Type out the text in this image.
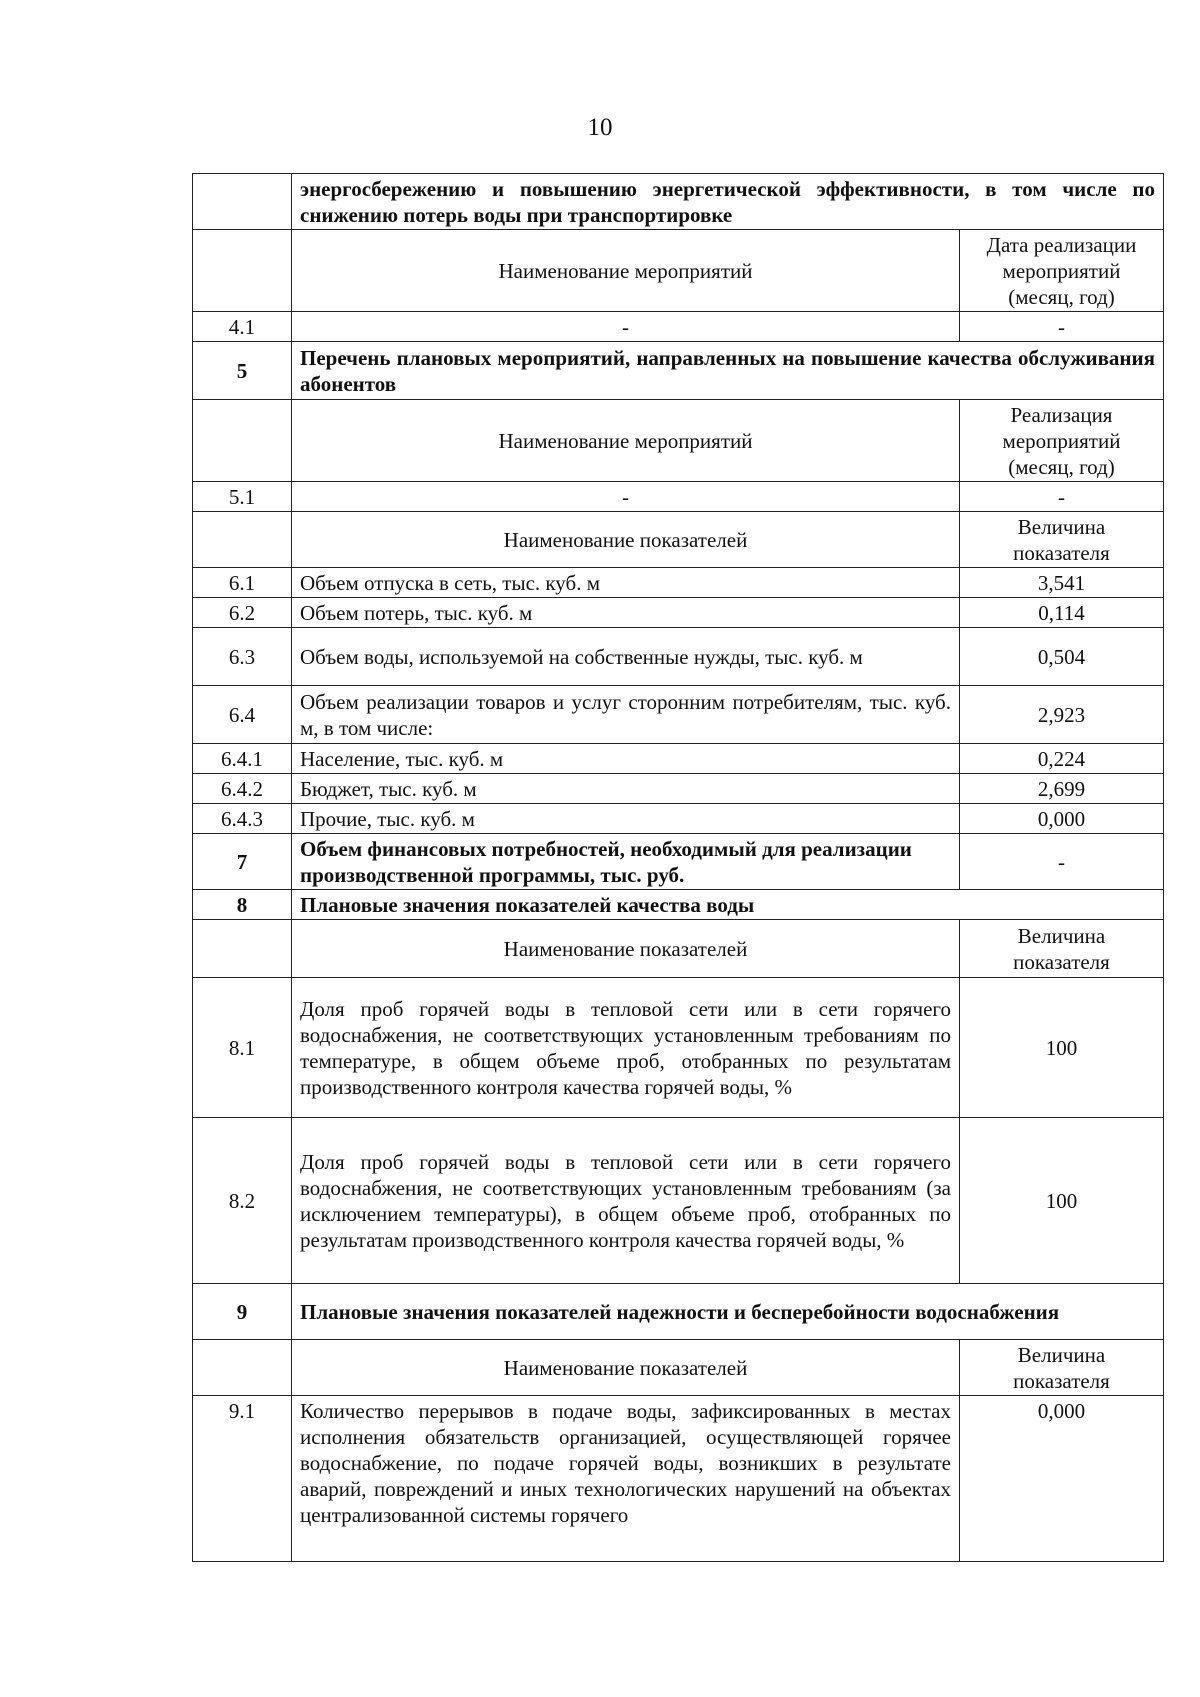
10
	энергосбережению и повышению энергетической эффективности, в том числе по снижению потерь воды при транспортировке	
	Наименование мероприятий	Дата реализации мероприятий (месяц, год)
4.1	-	-
5	Перечень плановых мероприятий, направленных на повышение качества обслуживания абонентов	
	Наименование мероприятий	Реализация мероприятий (месяц, год)
5.1	-	-
	Наименование показателей	Величина показателя
6.1	Объем отпуска в сеть, тыс. куб. м	3,541
6.2	Объем потерь, тыс. куб. м	0,114
6.3	Объем воды, используемой на собственные нужды, тыс. куб. м	0,504
6.4	Объем реализации товаров и услуг сторонним потребителям, тыс. куб. м, в том числе:	2,923
6.4.1	Население, тыс. куб. м	0,224
6.4.2	Бюджет, тыс. куб. м	2,699
6.4.3	Прочие, тыс. куб. м	0,000
7	Объем финансовых потребностей, необходимый для реализации производственной программы, тыс. руб.	-
8	Плановые значения показателей качества воды	
	Наименование показателей	Величина показателя
8.1	Доля проб горячей воды в тепловой сети или в сети горячего водоснабжения, не соответствующих установленным требованиям по температуре, в общем объеме проб, отобранных по результатам производственного контроля качества горячей воды, %	100
8.2	Доля проб горячей воды в тепловой сети или в сети горячего водоснабжения, не соответствующих установленным требованиям (за исключением температуры), в общем объеме проб, отобранных по результатам производственного контроля качества горячей воды, %	100
9	Плановые значения показателей надежности и бесперебойности водоснабжения	
	Наименование показателей	Величина показателя
9.1	Количество перерывов в подаче воды, зафиксированных в местах исполнения обязательств организацией, осуществляющей горячее водоснабжение, по подаче горячей воды, возникших в результате аварий, повреждений и иных технологических нарушений на объектах централизованной системы горячего	0,000
